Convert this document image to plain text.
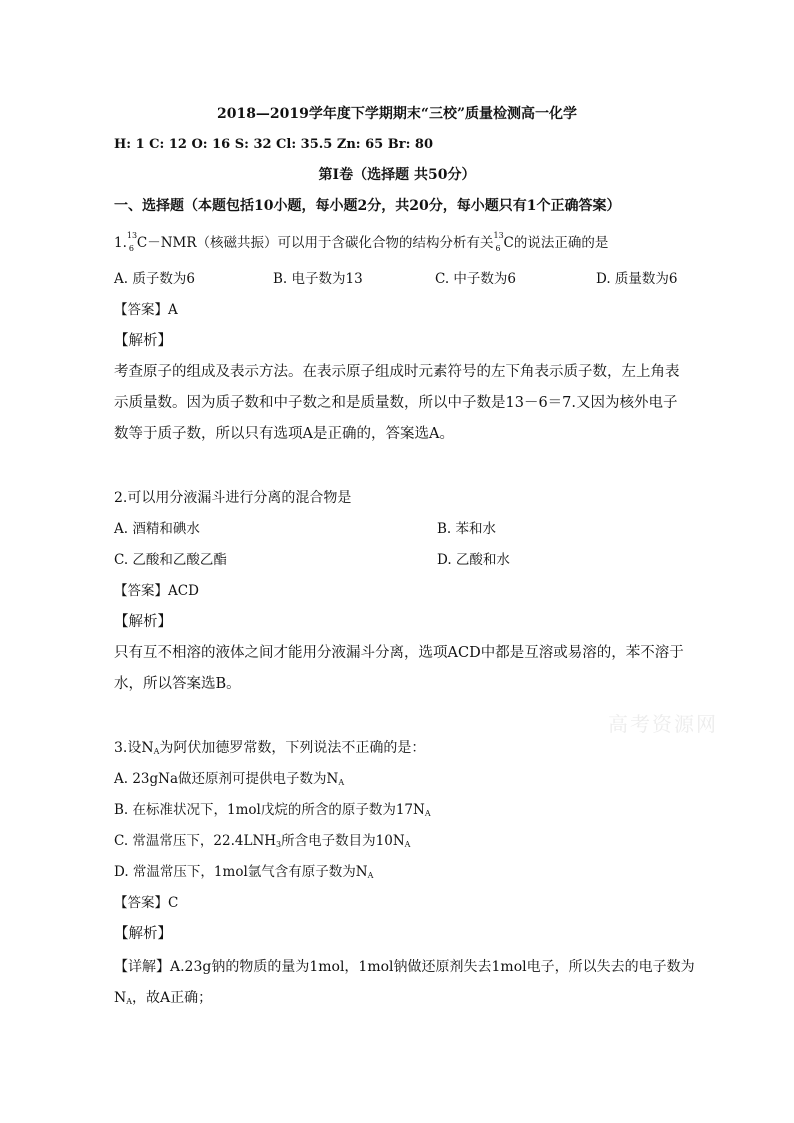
2018—2019学年度下学期期末“三校”质量检测高一化学
H: 1 C: 12 O: 16 S: 32 Cl: 35.5 Zn: 65 Br: 80
第Ⅰ卷（选择题 共50分）
一、选择题（本题包括10小题，每小题2分，共20分，每小题只有1个正确答案）
1. 13
6 C－NMR（核磁共振）可以用于含碳化合物的结构分析有关 13
6 C的说法正确的是
A. 质子数为6	B. 电子数为13	C. 中子数为6	D. 质量数为6
【答案】A
【解析】
考查原子的组成及表示方法。在表示原子组成时元素符号的左下角表示质子数，左上角表示质量数。因为质子数和中子数之和是质量数，所以中子数是13－6＝7.又因为核外电子数等于质子数，所以只有选项A是正确的，答案选A。
2.可以用分液漏斗进行分离的混合物是
A. 酒精和碘水	B. 苯和水
C. 乙酸和乙酸乙酯	D. 乙酸和水
【答案】ACD
【解析】
只有互不相溶的液体之间才能用分液漏斗分离，选项ACD中都是互溶或易溶的，苯不溶于水，所以答案选B。
3.设$N_A$为阿伏加德罗常数，下列说法不正确的是：
A. 23gNa做还原剂可提供电子数为$N_A$
B. 在标准状况下，1mol戊烷的所含的原子数为$17N_A$
C. 常温常压下，$22.4LNH_3$所含电子数目为$10N_A$
D. 常温常压下，1mol氩气含有原子数为$N_A$
【答案】C
【解析】
【详解】A.23g钠的物质的量为1mol，1mol钠做还原剂失去1mol电子，所以失去的电子数为
$N_A$，故A正确；
高考资源网
